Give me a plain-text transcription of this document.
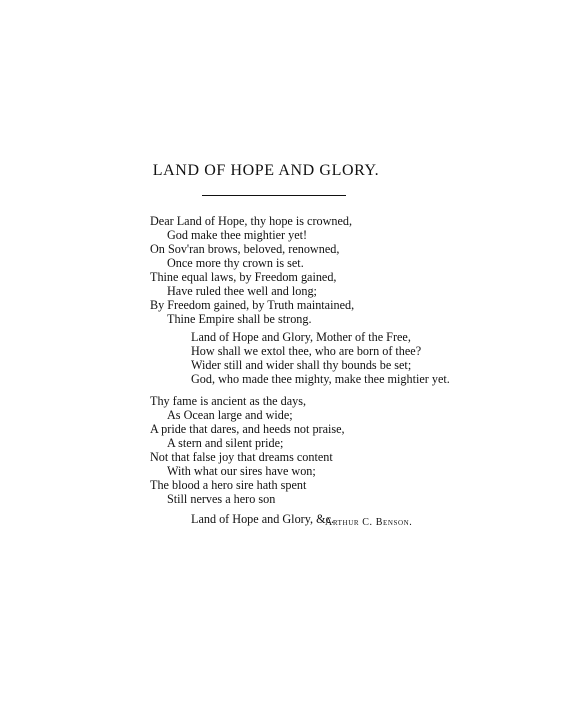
LAND OF HOPE AND GLORY.
Dear Land of Hope, thy hope is crowned,
God make thee mightier yet!
On Sov'ran brows, beloved, renowned,
Once more thy crown is set.
Thine equal laws, by Freedom gained,
Have ruled thee well and long;
By Freedom gained, by Truth maintained,
Thine Empire shall be strong.
Land of Hope and Glory, Mother of the Free,
How shall we extol thee, who are born of thee?
Wider still and wider shall thy bounds be set;
God, who made thee mighty, make thee mightier yet.
Thy fame is ancient as the days,
As Ocean large and wide;
A pride that dares, and heeds not praise,
A stern and silent pride;
Not that false joy that dreams content
With what our sires have won;
The blood a hero sire hath spent
Still nerves a hero son
Land of Hope and Glory, &c.
Arthur C. Benson.
